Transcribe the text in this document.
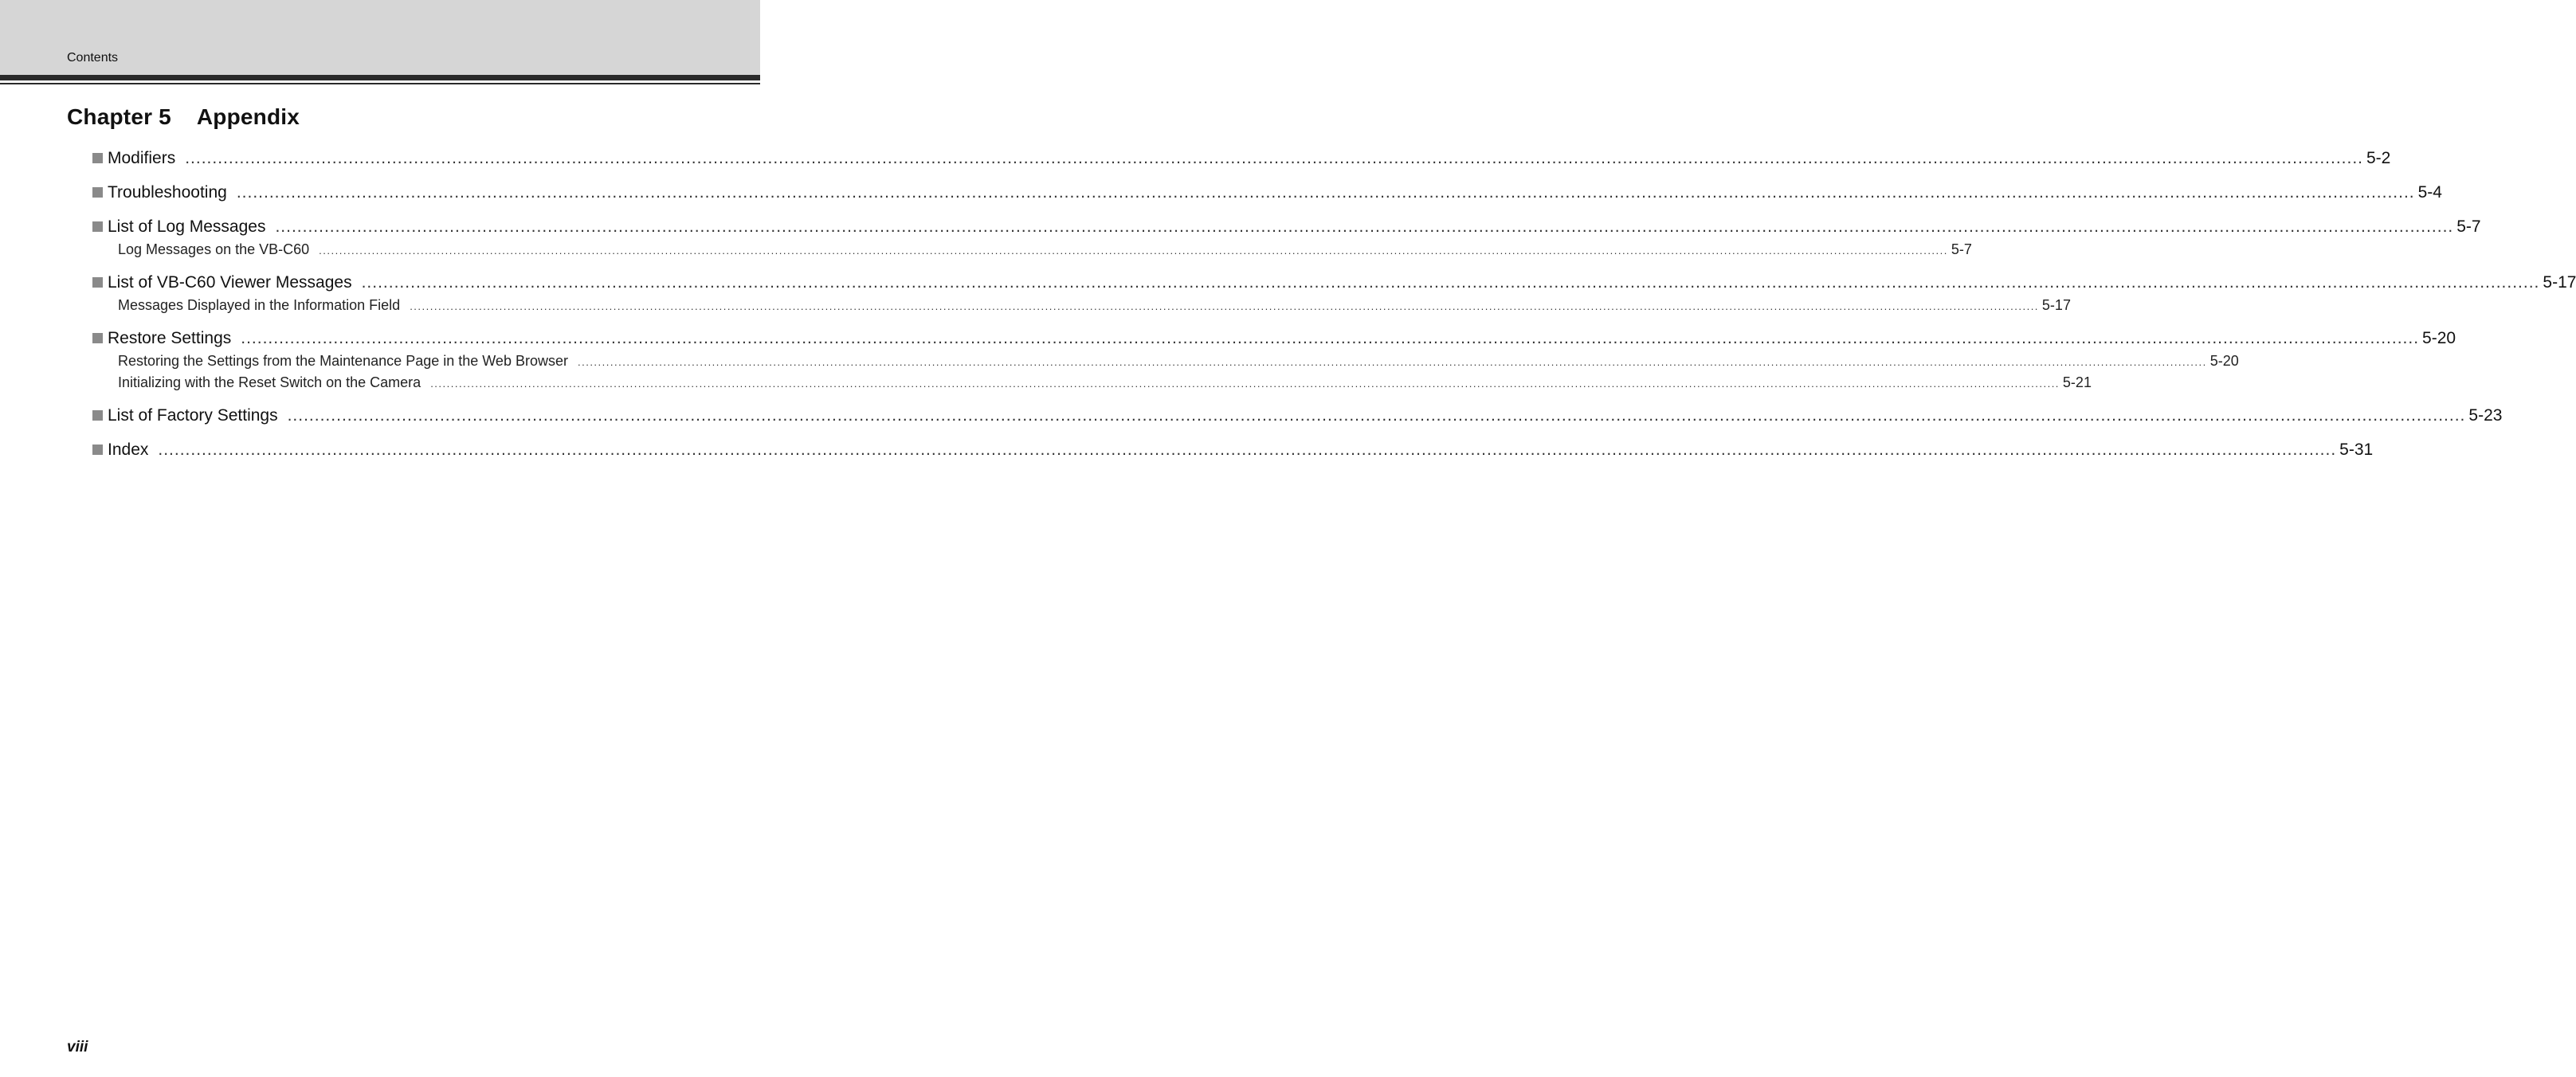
Contents
Chapter 5    Appendix
Modifiers ................................................................................................................................................................................................................................................................................................................................................................................................................ 5-2
Troubleshooting ................................................................................................................................................................................................................................................................................................................................................................................................................ 5-4
List of Log Messages ................................................................................................................................................................................................................................................................................................................................................................................................................ 5-7
Log Messages on the VB-C60 ................................................................................................................................................................................................................................................................................................................................................................................................................ 5-7
List of VB-C60 Viewer Messages ................................................................................................................................................................................................................................................................................................................................................................................................................ 5-17
Messages Displayed in the Information Field ................................................................................................................................................................................................................................................................................................................................................................................................................ 5-17
Restore Settings ................................................................................................................................................................................................................................................................................................................................................................................................................ 5-20
Restoring the Settings from the Maintenance Page in the Web Browser ................................................................................................................................................................................................................................................................................................................................................................................................................ 5-20
Initializing with the Reset Switch on the Camera ................................................................................................................................................................................................................................................................................................................................................................................................................ 5-21
List of Factory Settings ................................................................................................................................................................................................................................................................................................................................................................................................................ 5-23
Index ................................................................................................................................................................................................................................................................................................................................................................................................................ 5-31
viii
